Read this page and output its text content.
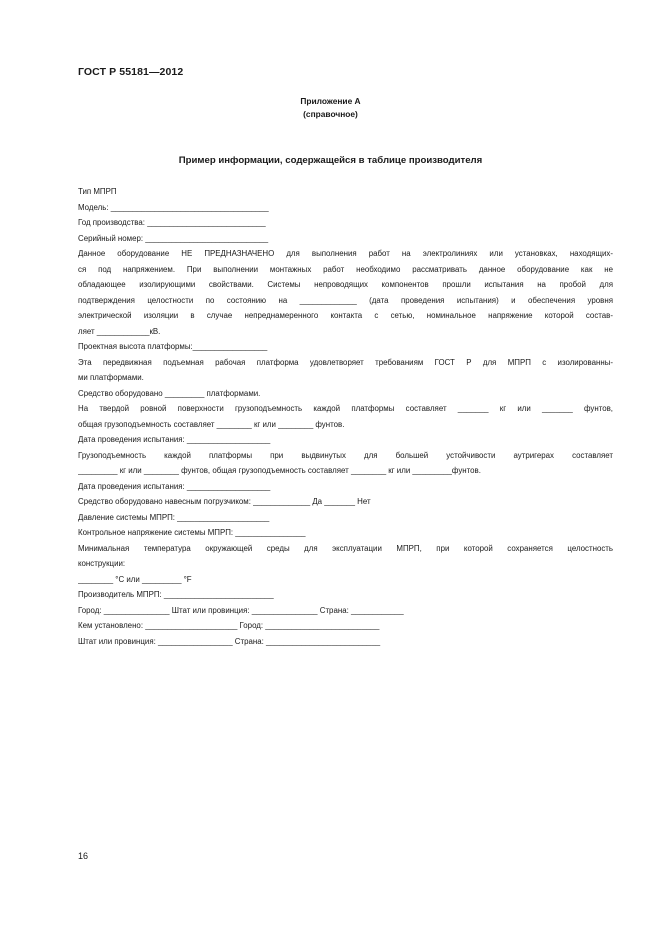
ГОСТ Р 55181—2012
Приложение А
(справочное)
Пример информации, содержащейся в таблице производителя
Тип МПРП
Модель: ____________________________________
Год производства: ___________________________
Серийный номер: ____________________________
Данное оборудование НЕ ПРЕДНАЗНАЧЕНО для выполнения работ на электролиниях или установках, находящих-
ся под напряжением. При выполнении монтажных работ необходимо рассматривать данное оборудование как не
обладающее изолирующими свойствами. Системы непроводящих компонентов прошли испытания на пробой для
подтверждения целостности по состоянию на _____________ (дата проведения испытания) и обеспечения уровня
электрической изоляции в случае непреднамеренного контакта с сетью, номинальное напряжение которой состав-
ляет ____________кВ.
Проектная высота платформы:_________________
Эта передвижная подъемная рабочая платформа удовлетворяет требованиям ГОСТ Р для МПРП с изолированны-
ми платформами.
Средство оборудовано _________ платформами.
На твердой ровной поверхности грузоподъемность каждой платформы составляет _______ кг или _______ фунтов,
общая грузоподъемность составляет ________ кг или ________ фунтов.
Дата проведения испытания: ___________________
Грузоподъемность каждой платформы при выдвинутых для большей устойчивости аутригерах составляет
_________ кг или ________ фунтов, общая грузоподъемность составляет ________ кг или _________фунтов.
Дата проведения испытания: ___________________
Средство оборудовано навесным погрузчиком: _____________ Да _______ Нет
Давление системы МПРП: _____________________
Контрольное напряжение системы МПРП: ________________
Минимальная температура окружающей среды для эксплуатации МПРП, при которой сохраняется целостность
конструкции:
________ °C или _________ °F
Производитель МПРП: _________________________
Город: _______________ Штат или провинция: _______________ Страна: ____________
Кем установлено: _____________________ Город: __________________________
Штат или провинция: _________________ Страна: __________________________
16
